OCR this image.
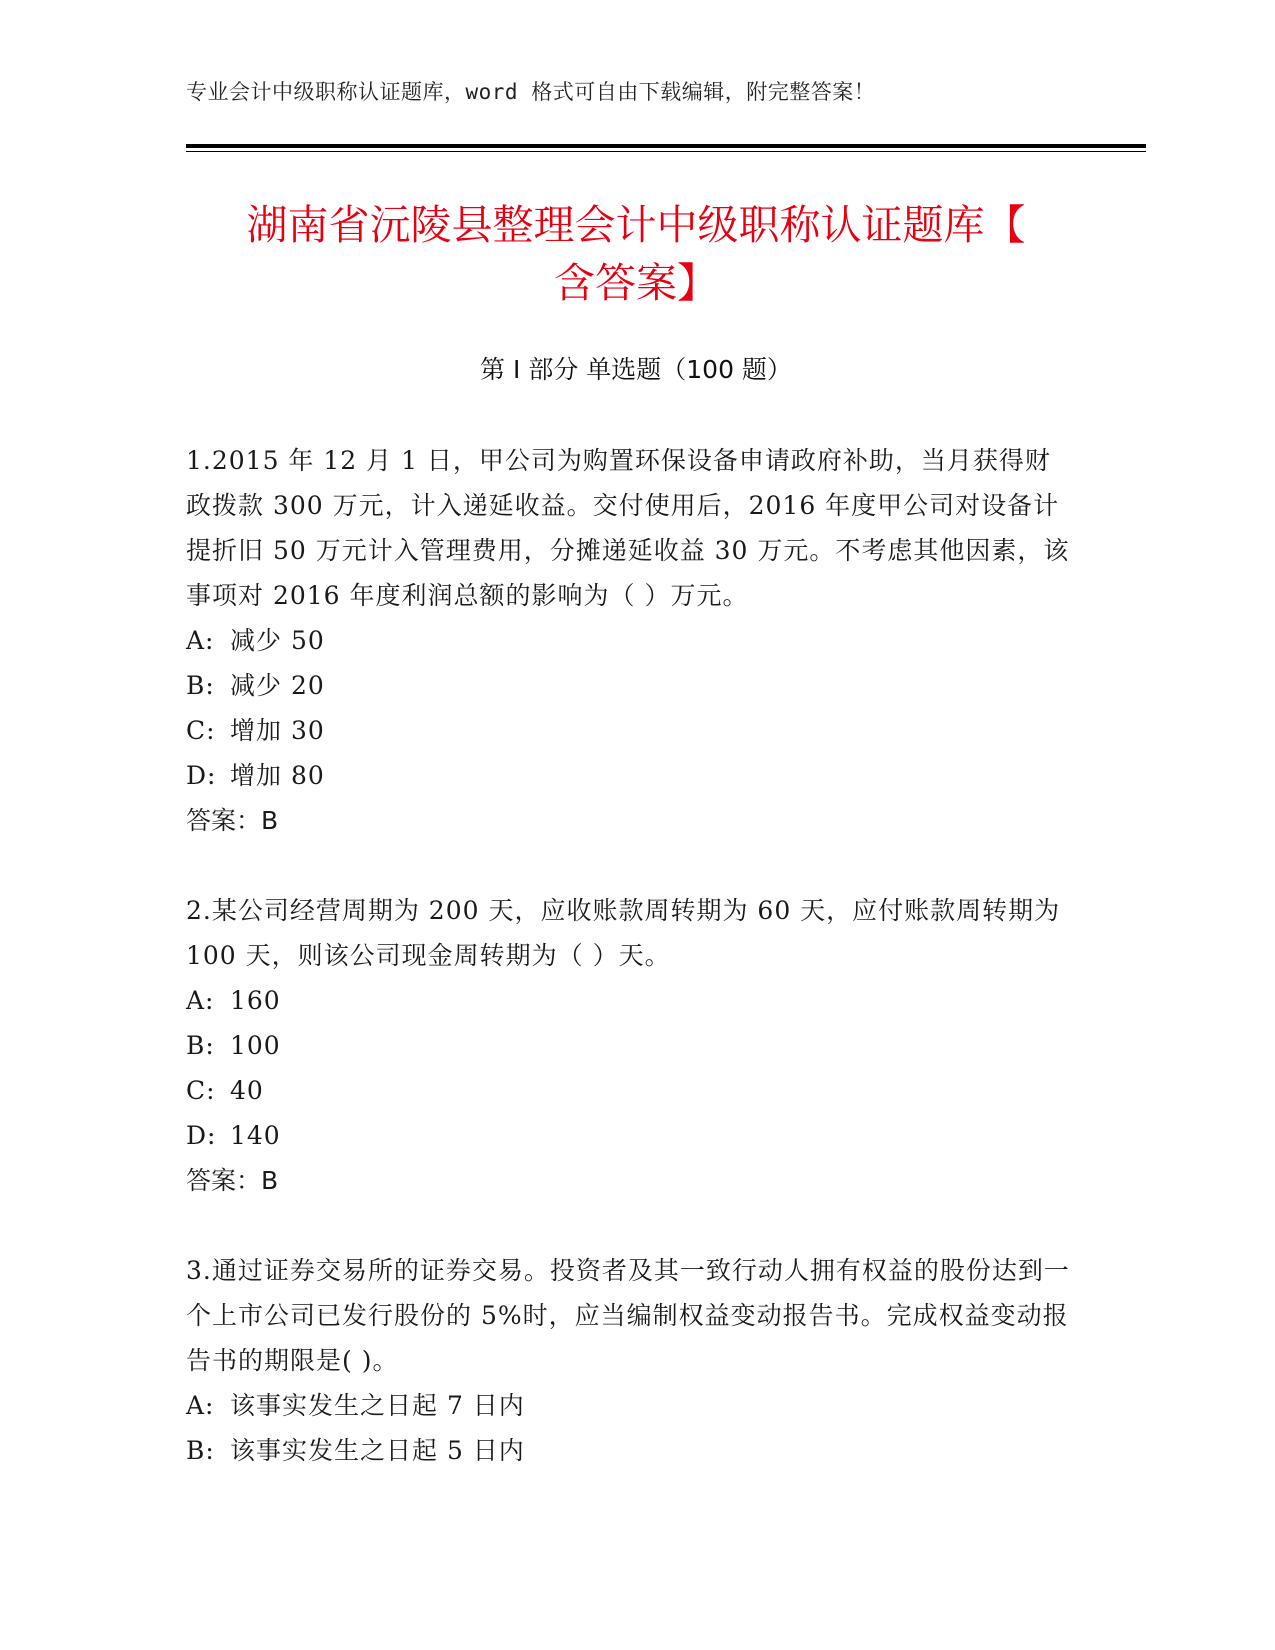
专业会计中级职称认证题库，word 格式可自由下载编辑，附完整答案！
湖南省沅陵县整理会计中级职称认证题库【
含答案】
第 I 部分 单选题（100 题）

1.2015 年 12 月 1 日，甲公司为购置环保设备申请政府补助，当月获得财政拨款 300 万元，计入递延收益。交付使用后，2016 年度甲公司对设备计提折旧 50 万元计入管理费用，分摊递延收益 30 万元。不考虑其他因素，该事项对 2016 年度利润总额的影响为（ ）万元。

A: 减少 50

B: 减少 20

C: 增加 30

D: 增加 80

答案：B

2.某公司经营周期为 200 天，应收账款周转期为 60 天，应付账款周转期为 100 天，则该公司现金周转期为（ ）天。

A: 160

B: 100

C: 40

D: 140

答案：B

3.通过证券交易所的证券交易。投资者及其一致行动人拥有权益的股份达到一个上市公司已发行股份的 5%时，应当编制权益变动报告书。完成权益变动报告书的期限是( )。

A: 该事实发生之日起 7 日内

B: 该事实发生之日起 5 日内
